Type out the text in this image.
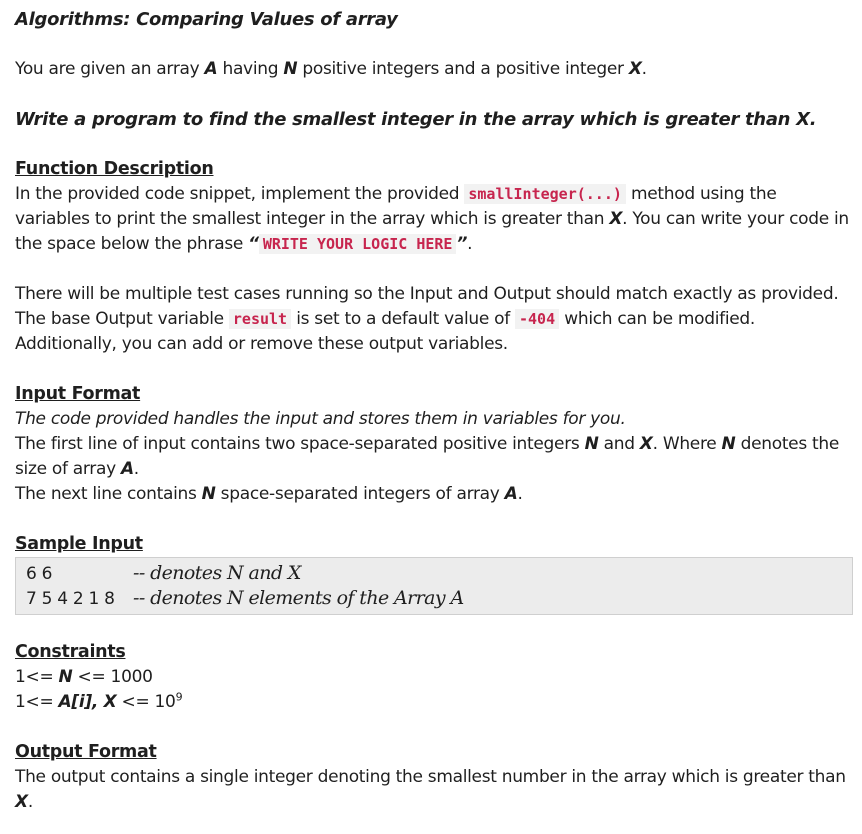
Algorithms: Comparing Values of array

You are given an array A having N positive integers and a positive integer X.

Write a program to find the smallest integer in the array which is greater than X.

Function Description

In the provided code snippet, implement the provided smallInteger(...) method using the variables to print the smallest integer in the array which is greater than X. You can write your code in the space below the phrase “ WRITE YOUR LOGIC HERE ”.

There will be multiple test cases running so the Input and Output should match exactly as provided.

The base Output variable result is set to a default value of -404 which can be modified.

Additionally, you can add or remove these output variables.

Input Format

The code provided handles the input and stores them in variables for you.

The first line of input contains two space-separated positive integers N and X. Where N denotes the size of array A.

The next line contains N space-separated integers of array A.

Sample Input
6 6	-- denotes N and X
7 5 4 2 1 8 -- denotes N elements of the Array A
Constraints

1<= N <= 1000

1<= A[i], $X <= 10^9$

Output Format

The output contains a single integer denoting the smallest number in the array which is greater than X.
